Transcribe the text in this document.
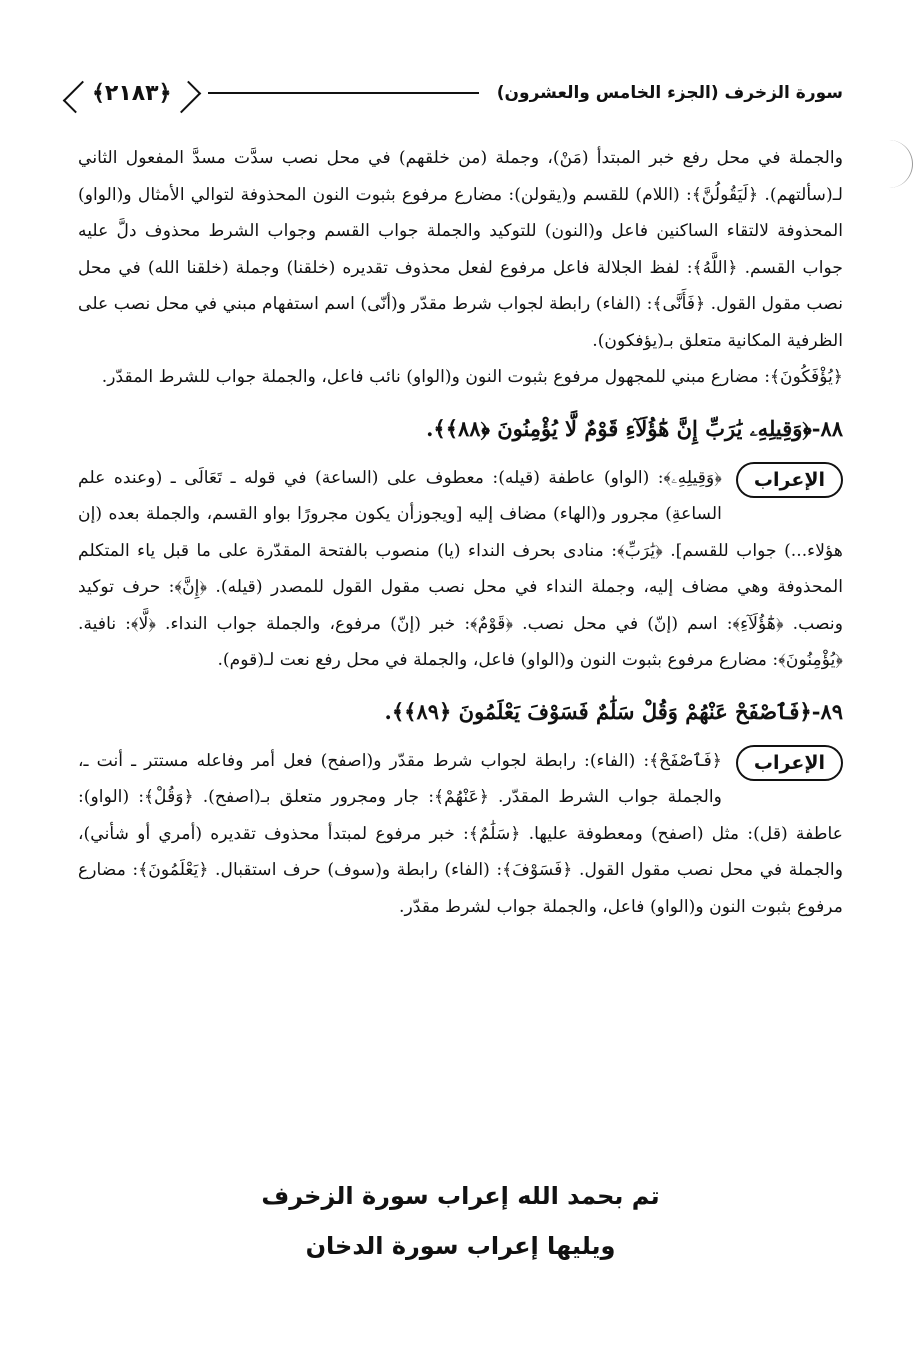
سورة الزخرف (الجزء الخامس والعشرون)
﴿٢١٨٣﴾

والجملة في محل رفع خبر المبتدأ (مَنْ)، وجملة (من خلقهم) في محل نصب سدَّت مسدَّ المفعول الثاني لـ(سألتهم). ﴿لَيَقُولُنَّ﴾: (اللام) للقسم و(يقولن): مضارع مرفوع بثبوت النون المحذوفة لتوالي الأمثال و(الواو) المحذوفة لالتقاء الساكنين فاعل و(النون) للتوكيد والجملة جواب القسم وجواب الشرط محذوف دلَّ عليه جواب القسم. ﴿اللَّهُ﴾: لفظ الجلالة فاعل مرفوع لفعل محذوف تقديره (خلقنا) وجملة (خلقنا الله) في محل نصب مقول القول. ﴿فَأَنَّى﴾: (الفاء) رابطة لجواب شرط مقدّر و(أنّى) اسم استفهام مبني في محل نصب على الظرفية المكانية متعلق بـ(يؤفكون).

﴿يُؤْفَكُونَ﴾: مضارع مبني للمجهول مرفوع بثبوت النون و(الواو) نائب فاعل، والجملة جواب للشرط المقدّر.

٨٨-﴿وَقِيلِهِۦ يَٰرَبِّ إِنَّ هَٰٓؤُلَآءِ قَوْمٌ لَّا يُؤْمِنُونَ ﴿٨٨﴾﴾.

الإعراب
﴿وَقِيلِهِۦ﴾: (الواو) عاطفة (قيله): معطوف على (الساعة) في قوله ـ تَعَالَى ـ (وعنده علم الساعةِ) مجرور و(الهاء) مضاف إليه [ويجوزأن يكون مجرورًا بواو القسم، والجملة بعده (إن هؤلاء...) جواب للقسم]. ﴿يَٰرَبِّ﴾: منادى بحرف النداء (يا) منصوب بالفتحة المقدّرة على ما قبل ياء المتكلم المحذوفة وهي مضاف إليه، وجملة النداء في محل نصب مقول القول للمصدر (قيله). ﴿إِنَّ﴾: حرف توكيد ونصب. ﴿هَٰٓؤُلَآءِ﴾: اسم (إنّ) في محل نصب. ﴿قَوْمٌ﴾: خبر (إنّ) مرفوع، والجملة جواب النداء. ﴿لَّا﴾: نافية. ﴿يُؤْمِنُونَ﴾: مضارع مرفوع بثبوت النون و(الواو) فاعل، والجملة في محل رفع نعت لـ(قوم).

٨٩-﴿فَٱصْفَحْ عَنْهُمْ وَقُلْ سَلَٰمٌ فَسَوْفَ يَعْلَمُونَ ﴿٨٩﴾﴾.

الإعراب
﴿فَٱصْفَحْ﴾: (الفاء): رابطة لجواب شرط مقدّر و(اصفح) فعل أمر وفاعله مستتر ـ أنت ـ، والجملة جواب الشرط المقدّر. ﴿عَنْهُمْ﴾: جار ومجرور متعلق بـ(اصفح). ﴿وَقُلْ﴾: (الواو): عاطفة (قل): مثل (اصفح) ومعطوفة عليها. ﴿سَلَٰمٌ﴾: خبر مرفوع لمبتدأ محذوف تقديره (أمري أو شأني)، والجملة في محل نصب مقول القول. ﴿فَسَوْفَ﴾: (الفاء) رابطة و(سوف) حرف استقبال. ﴿يَعْلَمُونَ﴾: مضارع مرفوع بثبوت النون و(الواو) فاعل، والجملة جواب لشرط مقدّر.
تم بحمد الله إعراب سورة الزخرف
ويليها إعراب سورة الدخان
